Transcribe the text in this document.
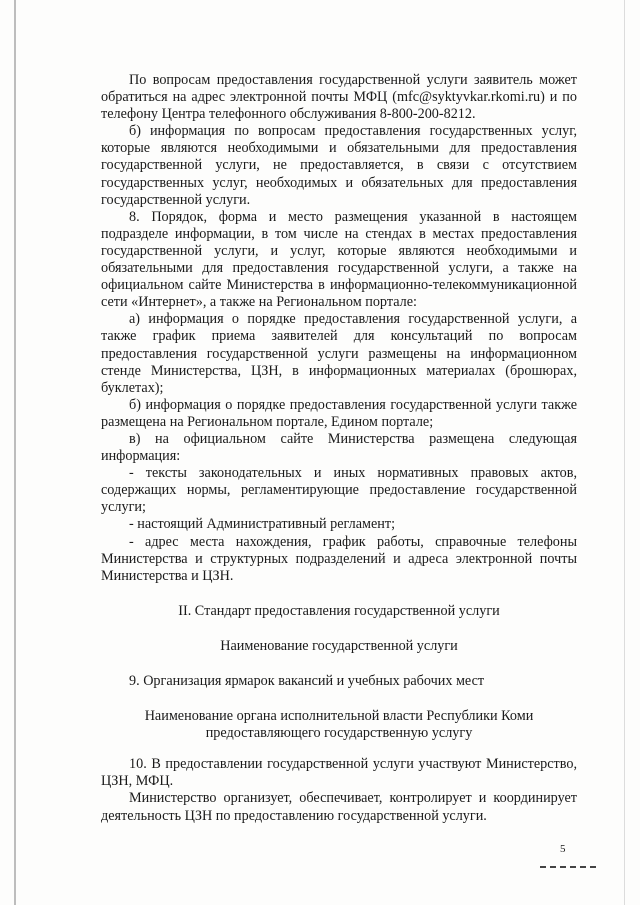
По вопросам предоставления государственной услуги заявитель может обратиться на адрес электронной почты МФЦ (mfc@syktyvkar.rkomi.ru) и по телефону Центра телефонного обслуживания 8-800-200-8212.

б) информация по вопросам предоставления государственных услуг, которые являются необходимыми и обязательными для предоставления государственной услуги, не предоставляется, в связи с отсутствием государственных услуг, необходимых и обязательных для предоставления государственной услуги.

8. Порядок, форма и место размещения указанной в настоящем подразделе информации, в том числе на стендах в местах предоставления государственной услуги, и услуг, которые являются необходимыми и обязательными для предоставления государственной услуги, а также на официальном сайте Министерства в информационно-телекоммуникационной сети «Интернет», а также на Региональном портале:

а) информация о порядке предоставления государственной услуги, а также график приема заявителей для консультаций по вопросам предоставления государственной услуги размещены на информационном стенде Министерства, ЦЗН, в информационных материалах (брошюрах, буклетах);

б) информация о порядке предоставления государственной услуги также размещена на Региональном портале, Едином портале;

в) на официальном сайте Министерства размещена следующая информация:

- тексты законодательных и иных нормативных правовых актов, содержащих нормы, регламентирующие предоставление государственной услуги;

- настоящий Административный регламент;

- адрес места нахождения, график работы, справочные телефоны Министерства и структурных подразделений и адреса электронной почты Министерства и ЦЗН.

II. Стандарт предоставления государственной услуги

Наименование государственной услуги

9. Организация ярмарок вакансий и учебных рабочих мест

Наименование органа исполнительной власти Республики Коми

предоставляющего государственную услугу

10. В предоставлении государственной услуги участвуют Министерство, ЦЗН, МФЦ.

Министерство организует, обеспечивает, контролирует и координирует деятельность ЦЗН по предоставлению государственной услуги.

5
